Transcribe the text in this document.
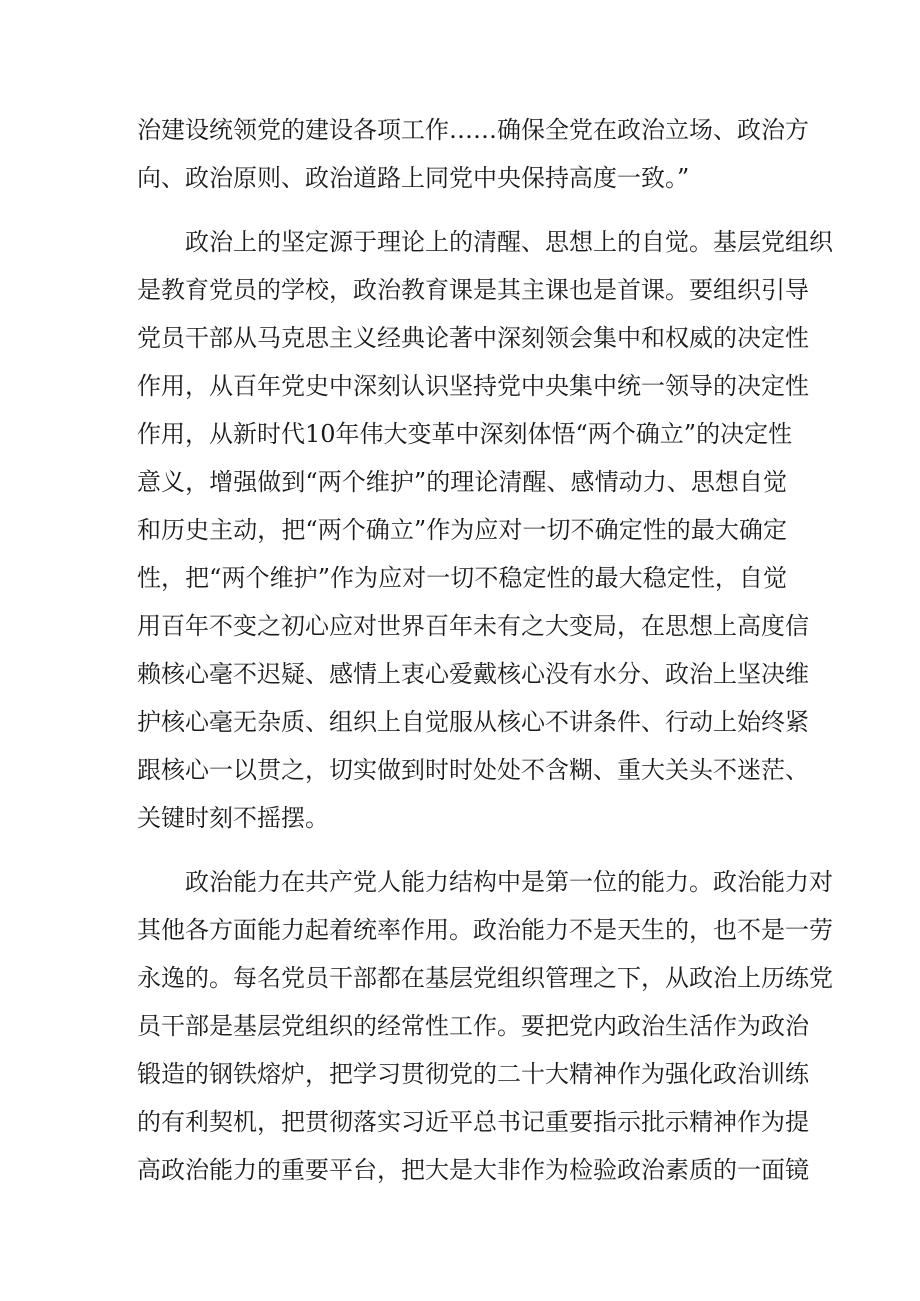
治建设统领党的建设各项工作……确保全党在政治立场、政治方

向、政治原则、政治道路上同党中央保持高度一致。”

政治上的坚定源于理论上的清醒、思想上的自觉。基层党组织

是教育党员的学校，政治教育课是其主课也是首课。要组织引导

党员干部从马克思主义经典论著中深刻领会集中和权威的决定性

作用，从百年党史中深刻认识坚持党中央集中统一领导的决定性

作用，从新时代10年伟大变革中深刻体悟“两个确立”的决定性

意义，增强做到“两个维护”的理论清醒、感情动力、思想自觉

和历史主动，把“两个确立”作为应对一切不确定性的最大确定

性，把“两个维护”作为应对一切不稳定性的最大稳定性，自觉

用百年不变之初心应对世界百年未有之大变局，在思想上高度信

赖核心毫不迟疑、感情上衷心爱戴核心没有水分、政治上坚决维

护核心毫无杂质、组织上自觉服从核心不讲条件、行动上始终紧

跟核心一以贯之，切实做到时时处处不含糊、重大关头不迷茫、

关键时刻不摇摆。

政治能力在共产党人能力结构中是第一位的能力。政治能力对

其他各方面能力起着统率作用。政治能力不是天生的，也不是一劳

永逸的。每名党员干部都在基层党组织管理之下，从政治上历练党

员干部是基层党组织的经常性工作。要把党内政治生活作为政治

锻造的钢铁熔炉，把学习贯彻党的二十大精神作为强化政治训练

的有利契机，把贯彻落实习近平总书记重要指示批示精神作为提

高政治能力的重要平台，把大是大非作为检验政治素质的一面镜
